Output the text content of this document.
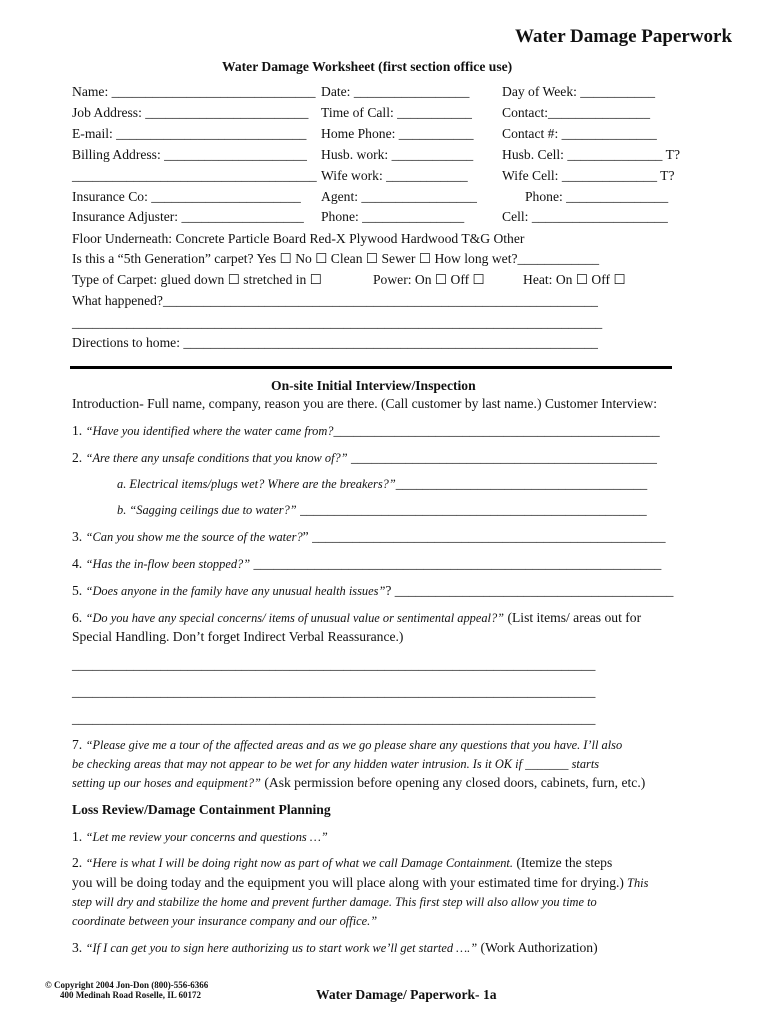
Water Damage Paperwork
Water Damage Worksheet (first section office use)
Name: ______________________________ Date: _________________ Day of Week: ___________
Job Address: ________________________ Time of Call: ___________ Contact:_______________
E-mail: ____________________________ Home Phone: ___________ Contact #: ______________
Billing Address: _____________________ Husb. work: ____________ Husb. Cell: ______________ T?
____________________________________ Wife work: ____________	Wife Cell: ______________ T?
Insurance Co: ______________________ Agent: _________________	Phone: _______________
Insurance Adjuster: __________________ Phone: _______________	Cell: ____________________
Floor Underneath: Concrete Particle Board Red-X Plywood Hardwood T&G Other
Is this a “5th Generation” carpet? Yes ☐ No ☐ Clean ☐ Sewer ☐ How long wet?____________
Type of Carpet: glued down ☐ stretched in ☐	Power: On ☐ Off ☐	Heat: On ☐ Off ☐
What happened?________________________________________________________________
______________________________________________________________________________
Directions to home: _____________________________________________________________
On-site Initial Interview/Inspection
Introduction- Full name, company, reason you are there. (Call customer by last name.) Customer Interview:
1. “Have you identified where the water came from?________________________________________________
2. “Are there any unsafe conditions that you know of?” _____________________________________________
a. Electrical items/plugs wet? Where are the breakers?”_____________________________________
b. “Sagging ceilings due to water?” ___________________________________________________
3. “Can you show me the source of the water?” ____________________________________________________
4. “Has the in-flow been stopped?” ____________________________________________________________
5. “Does anyone in the family have any unusual health issues”? _________________________________________
6. “Do you have any special concerns/ items of unusual value or sentimental appeal?” (List items/ areas out for
Special Handling. Don’t forget Indirect Verbal Reassurance.)
_____________________________________________________________________________
_____________________________________________________________________________
_____________________________________________________________________________
7. “Please give me a tour of the affected areas and as we go please share any questions that you have. I’ll also
be checking areas that may not appear to be wet for any hidden water intrusion. Is it OK if _______ starts
setting up our hoses and equipment?” (Ask permission before opening any closed doors, cabinets, furn, etc.)
Loss Review/Damage Containment Planning
1. “Let me review your concerns and questions …”
2. “Here is what I will be doing right now as part of what we call Damage Containment. (Itemize the steps
you will be doing today and the equipment you will place along with your estimated time for drying.) This
step will dry and stabilize the home and prevent further damage. This first step will also allow you time to
coordinate between your insurance company and our office.”
3. “If I can get you to sign here authorizing us to start work we’ll get started ….” (Work Authorization)
© Copyright 2004 Jon-Don (800)-556-6366
400 Medinah Road Roselle, IL 60172	Water Damage/ Paperwork- 1a
